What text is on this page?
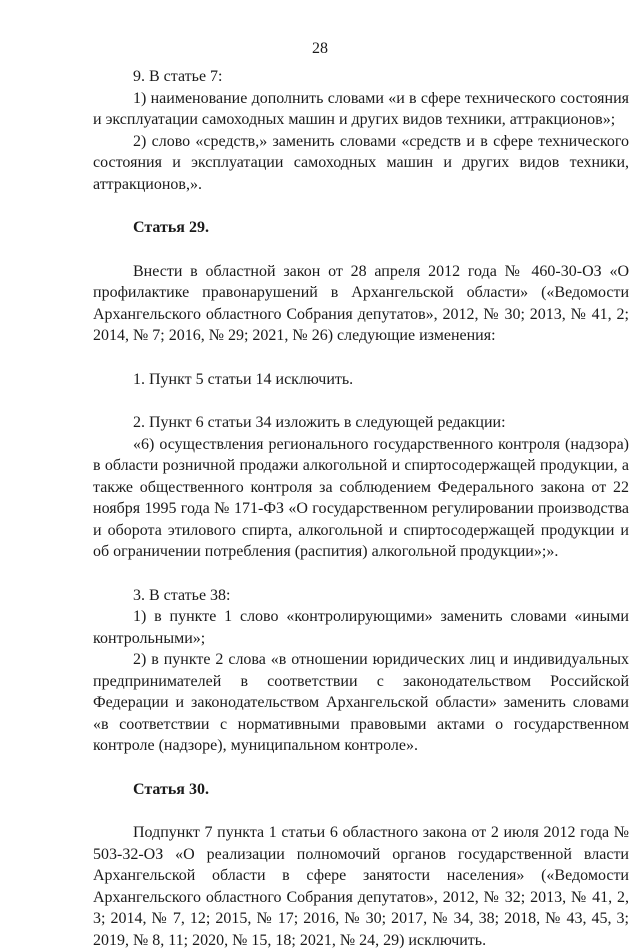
28

9. В статье 7:

1) наименование дополнить словами «и в сфере технического состояния и эксплуатации самоходных машин и других видов техники, аттракционов»;

2) слово «средств,» заменить словами «средств и в сфере технического состояния и эксплуатации самоходных машин и других видов техники, аттракционов,».

Статья 29.

Внести в областной закон от 28 апреля 2012 года № 460-30-ОЗ «О профилактике правонарушений в Архангельской области» («Ведомости Архангельского областного Собрания депутатов», 2012, № 30; 2013, № 41, 2; 2014, № 7; 2016, № 29; 2021, № 26) следующие изменения:

1. Пункт 5 статьи 14 исключить.

2. Пункт 6 статьи 34 изложить в следующей редакции:

«6) осуществления регионального государственного контроля (надзора) в области розничной продажи алкогольной и спиртосодержащей продукции, а также общественного контроля за соблюдением Федерального закона от 22 ноября 1995 года № 171-ФЗ «О государственном регулировании производства и оборота этилового спирта, алкогольной и спиртосодержащей продукции и об ограничении потребления (распития) алкогольной продукции»;».

3. В статье 38:

1) в пункте 1 слово «контролирующими» заменить словами «иными контрольными»;

2) в пункте 2 слова «в отношении юридических лиц и индивидуальных предпринимателей в соответствии с законодательством Российской Федерации и законодательством Архангельской области» заменить словами «в соответствии с нормативными правовыми актами о государственном контроле (надзоре), муниципальном контроле».

Статья 30.

Подпункт 7 пункта 1 статьи 6 областного закона от 2 июля 2012 года № 503-32-ОЗ «О реализации полномочий органов государственной власти Архангельской области в сфере занятости населения» («Ведомости Архангельского областного Собрания депутатов», 2012, № 32; 2013, № 41, 2, 3; 2014, № 7, 12; 2015, № 17; 2016, № 30; 2017, № 34, 38; 2018, № 43, 45, 3; 2019, № 8, 11; 2020, № 15, 18; 2021, № 24, 29) исключить.
